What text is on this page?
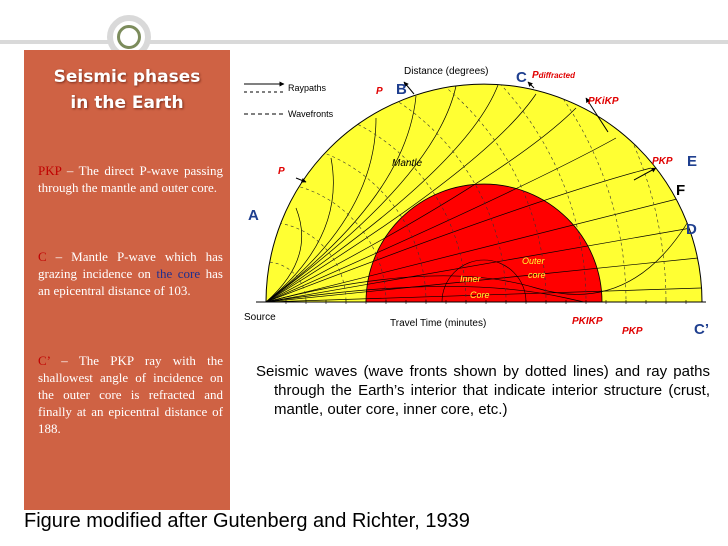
Seismic phases
in the Earth
PKP – The direct P-wave passing through the mantle and outer core.
C – Mantle P-wave which has grazing incidence on the core has an epicentral distance of 103.
C’ – The PKP ray with the shallowest angle of incidence on the outer core is refracted and finally at an epicentral distance of 188.
Raypaths
Wavefronts
Distance (degrees)
Travel Time (minutes)
Source
Mantle
Outer
core
Inner
Core
A
B
C
D
E
F
C’
P
P
Pdiffracted
PKiKP
PKP
PKIKP
PKP
Seismic waves (wave fronts shown by dotted lines) and ray paths through the Earth’s interior that indicate interior structure (crust, mantle, outer core, inner core, etc.)
Figure modified after Gutenberg and Richter, 1939
